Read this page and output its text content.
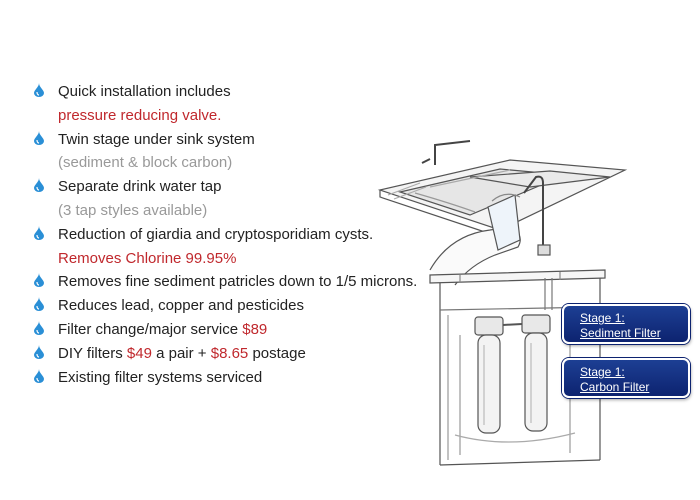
Quick installation includes
pressure reducing valve.
Twin stage under sink system
(sediment & block carbon)
Separate drink water tap
(3 tap styles available)
Reduction of giardia and cryptosporidiam cysts.
Removes Chlorine 99.95%
Removes fine sediment patricles down to 1/5 microns.
Reduces lead, copper and pesticides
Filter change/major service $89
DIY filters $49 a pair + $8.65 postage
Existing filter systems serviced
Stage 1:
Sediment Filter
Stage 1:
Carbon Filter
